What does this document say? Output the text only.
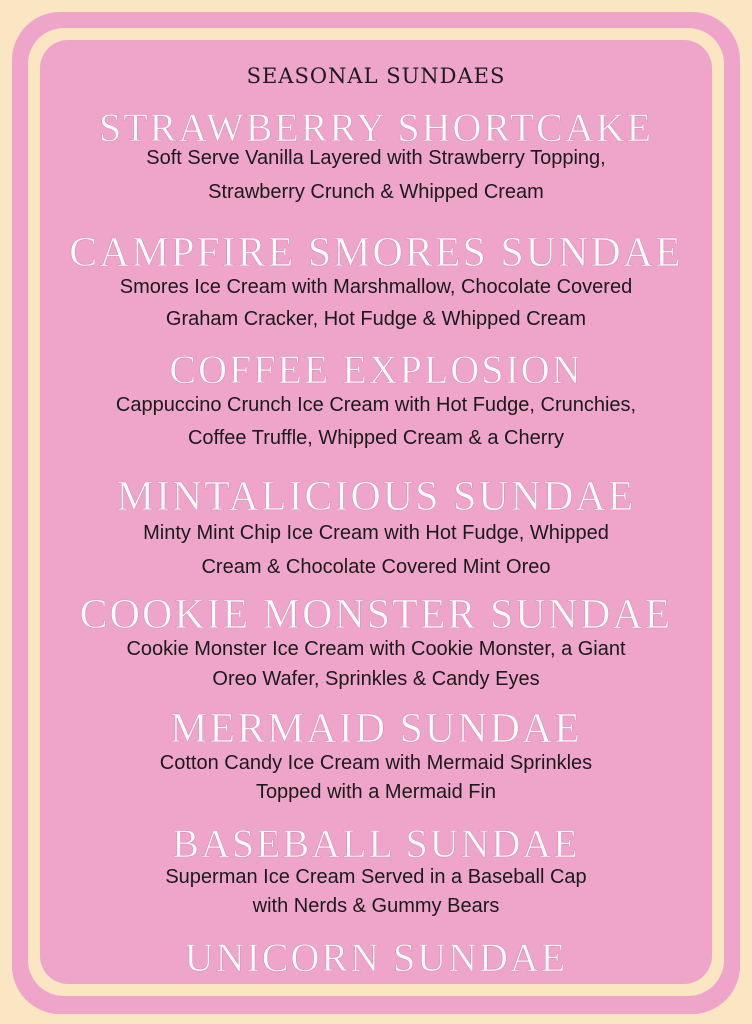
SEASONAL SUNDAES
STRAWBERRY SHORTCAKE
Soft Serve Vanilla Layered with Strawberry Topping,
Strawberry Crunch & Whipped Cream
CAMPFIRE SMORES SUNDAE
Smores Ice Cream with Marshmallow, Chocolate Covered
Graham Cracker, Hot Fudge & Whipped Cream
COFFEE EXPLOSION
Cappuccino Crunch Ice Cream with Hot Fudge, Crunchies,
Coffee Truffle, Whipped Cream & a Cherry
MINTALICIOUS SUNDAE
Minty Mint Chip Ice Cream with Hot Fudge, Whipped
Cream & Chocolate Covered Mint Oreo
COOKIE MONSTER SUNDAE
Cookie Monster Ice Cream with Cookie Monster, a Giant
Oreo Wafer, Sprinkles & Candy Eyes
MERMAID SUNDAE
Cotton Candy Ice Cream with Mermaid Sprinkles
Topped with a Mermaid Fin
BASEBALL SUNDAE
Superman Ice Cream Served in a Baseball Cap
with Nerds & Gummy Bears
UNICORN SUNDAE
